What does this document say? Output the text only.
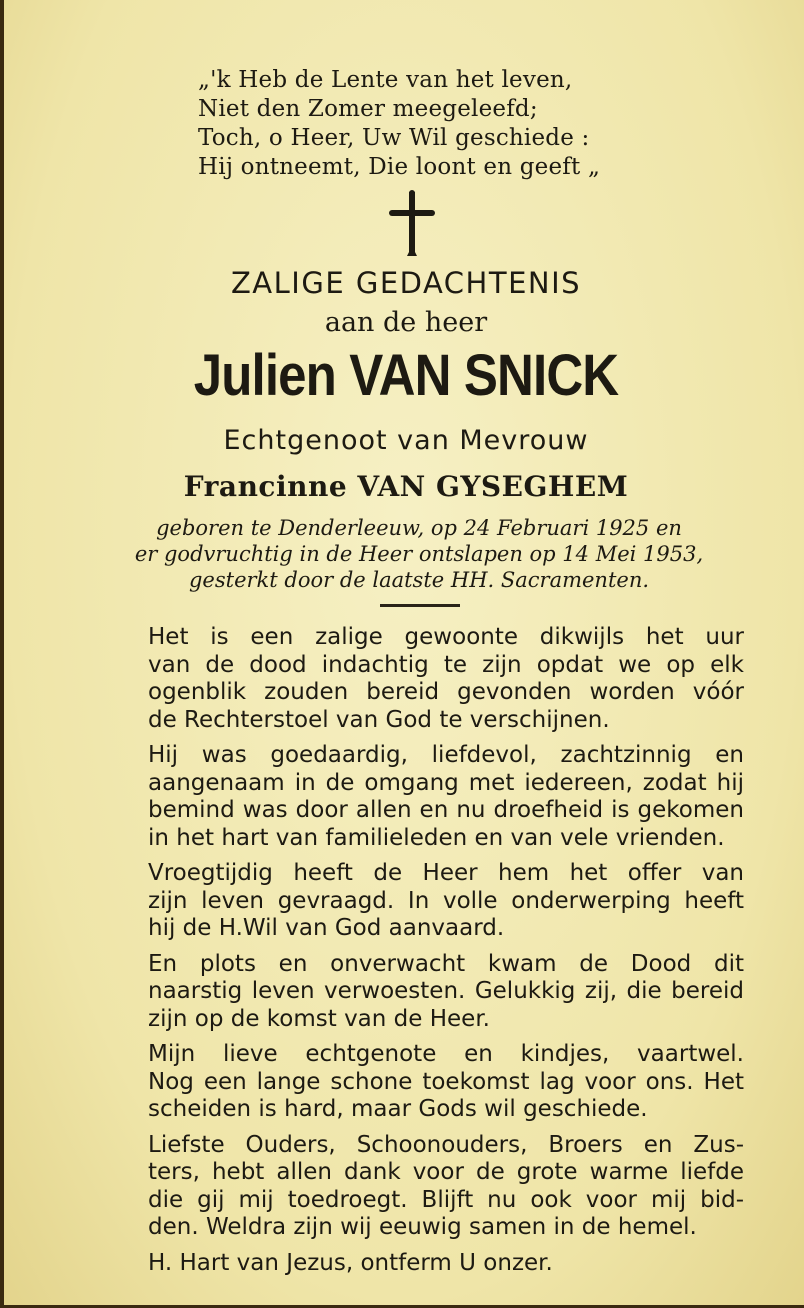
„'k Heb de Lente van het leven,
Niet den Zomer meegeleefd;
Toch, o Heer, Uw Wil geschiede :
Hij ontneemt, Die loont en geeft „
ZALIGE GEDACHTENIS
aan de heer
Julien VAN SNICK
Echtgenoot van Mevrouw
Francinne VAN GYSEGHEM
geboren te Denderleeuw, op 24 Februari 1925 en
er godvruchtig in de Heer ontslapen op 14 Mei 1953,
gesterkt door de laatste HH. Sacramenten.
Het is een zalige gewoonte dikwijls het uur
van de dood indachtig te zijn opdat we op elk
ogenblik zouden bereid gevonden worden vóór
de Rechterstoel van God te verschijnen.
Hij was goedaardig, liefdevol, zachtzinnig en
aangenaam in de omgang met iedereen, zodat hij
bemind was door allen en nu droefheid is gekomen
in het hart van familieleden en van vele vrienden.
Vroegtijdig heeft de Heer hem het offer van
zijn leven gevraagd. In volle onderwerping heeft
hij de H.Wil van God aanvaard.
En plots en onverwacht kwam de Dood dit
naarstig leven verwoesten. Gelukkig zij, die bereid
zijn op de komst van de Heer.
Mijn lieve echtgenote en kindjes, vaartwel.
Nog een lange schone toekomst lag voor ons. Het
scheiden is hard, maar Gods wil geschiede.
Liefste Ouders, Schoonouders, Broers en Zus-
ters, hebt allen dank voor de grote warme liefde
die gij mij toedroegt. Blijft nu ook voor mij bid-
den. Weldra zijn wij eeuwig samen in de hemel.
H. Hart van Jezus, ontferm U onzer.
